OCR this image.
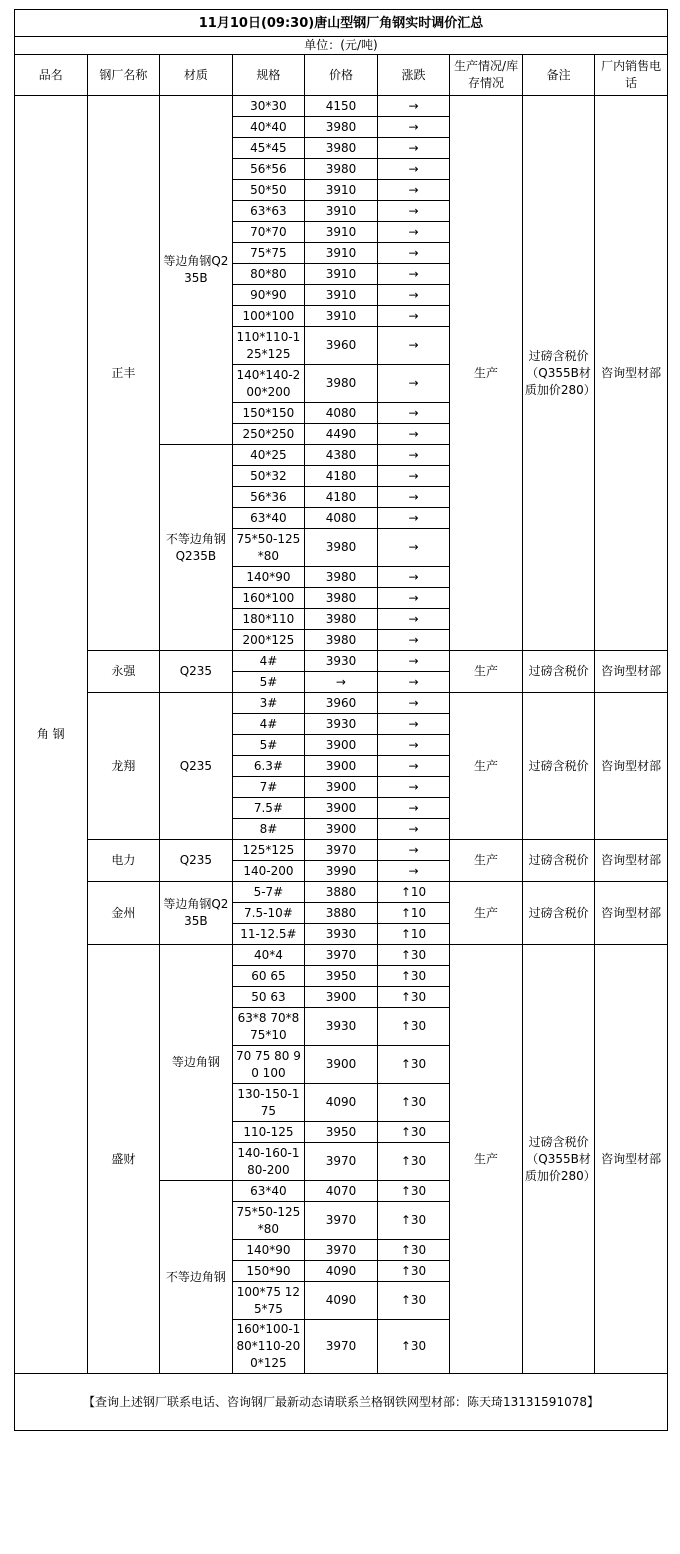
11月10日(09:30)唐山型钢厂角钢实时调价汇总								
单位：(元/吨)								
品名	钢厂名称	材质	规格	价格	涨跌	生产情况/库存情况	备注	厂内销售电话
角 钢	正丰	等边角钢Q235B	30*30	4150	→	生产	过磅含税价（Q355B材质加价280）	咨询型材部
			40*40	3980	→			
			45*45	3980	→			
			56*56	3980	→			
			50*50	3910	→			
			63*63	3910	→			
			70*70	3910	→			
			75*75	3910	→			
			80*80	3910	→			
			90*90	3910	→			
			100*100	3910	→			
			110*110-125*125	3960	→			
			140*140-200*200	3980	→			
			150*150	4080	→			
			250*250	4490	→			
		不等边角钢Q235B	40*25	4380	→			
			50*32	4180	→			
			56*36	4180	→			
			63*40	4080	→			
			75*50-125*80	3980	→			
			140*90	3980	→			
			160*100	3980	→			
			180*110	3980	→			
			200*125	3980	→			
	永强	Q235	4#	3930	→	生产	过磅含税价	咨询型材部
			5#	→	→			
	龙翔	Q235	3#	3960	→	生产	过磅含税价	咨询型材部
			4#	3930	→			
			5#	3900	→			
			6.3#	3900	→			
			7#	3900	→			
			7.5#	3900	→			
			8#	3900	→			
	电力	Q235	125*125	3970	→	生产	过磅含税价	咨询型材部
			140-200	3990	→			
	金州	等边角钢Q235B	5-7#	3880	↑10	生产	过磅含税价	咨询型材部
			7.5-10#	3880	↑10			
			11-12.5#	3930	↑10			
	盛财	等边角钢	40*4	3970	↑30	生产	过磅含税价（Q355B材质加价280）	咨询型材部
			60 65	3950	↑30			
			50 63	3900	↑30			
			63*8 70*8 75*10	3930	↑30			
			70 75 80 90 100	3900	↑30			
			130-150-175	4090	↑30			
			110-125	3950	↑30			
			140-160-180-200	3970	↑30			
		不等边角钢	63*40	4070	↑30			
			75*50-125*80	3970	↑30			
			140*90	3970	↑30			
			150*90	4090	↑30			
			100*75 125*75	4090	↑30			
			160*100-180*110-200*125	3970	↑30			
【查询上述钢厂联系电话、咨询钢厂最新动态请联系兰格钢铁网型材部：陈天琦13131591078】								
